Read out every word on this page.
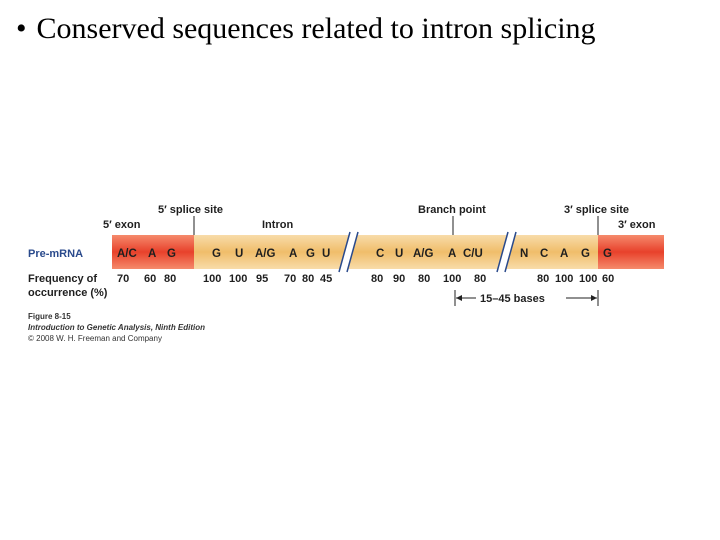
• Conserved sequences related to intron splicing
5′ splice site
5′ exon	Intron
Branch point	3′ splice site
3′ exon
Pre-mRNA
Frequency of
occurrence (%)
A/C A G	G U A/G A G U	C U A/G A C/U	N C A G G
70 60 80 100 100 95 70 80 45	80 90 80 100 80	80 100 100 60
15–45 bases
Figure 8-15
Introduction to Genetic Analysis, Ninth Edition
© 2008 W. H. Freeman and Company
